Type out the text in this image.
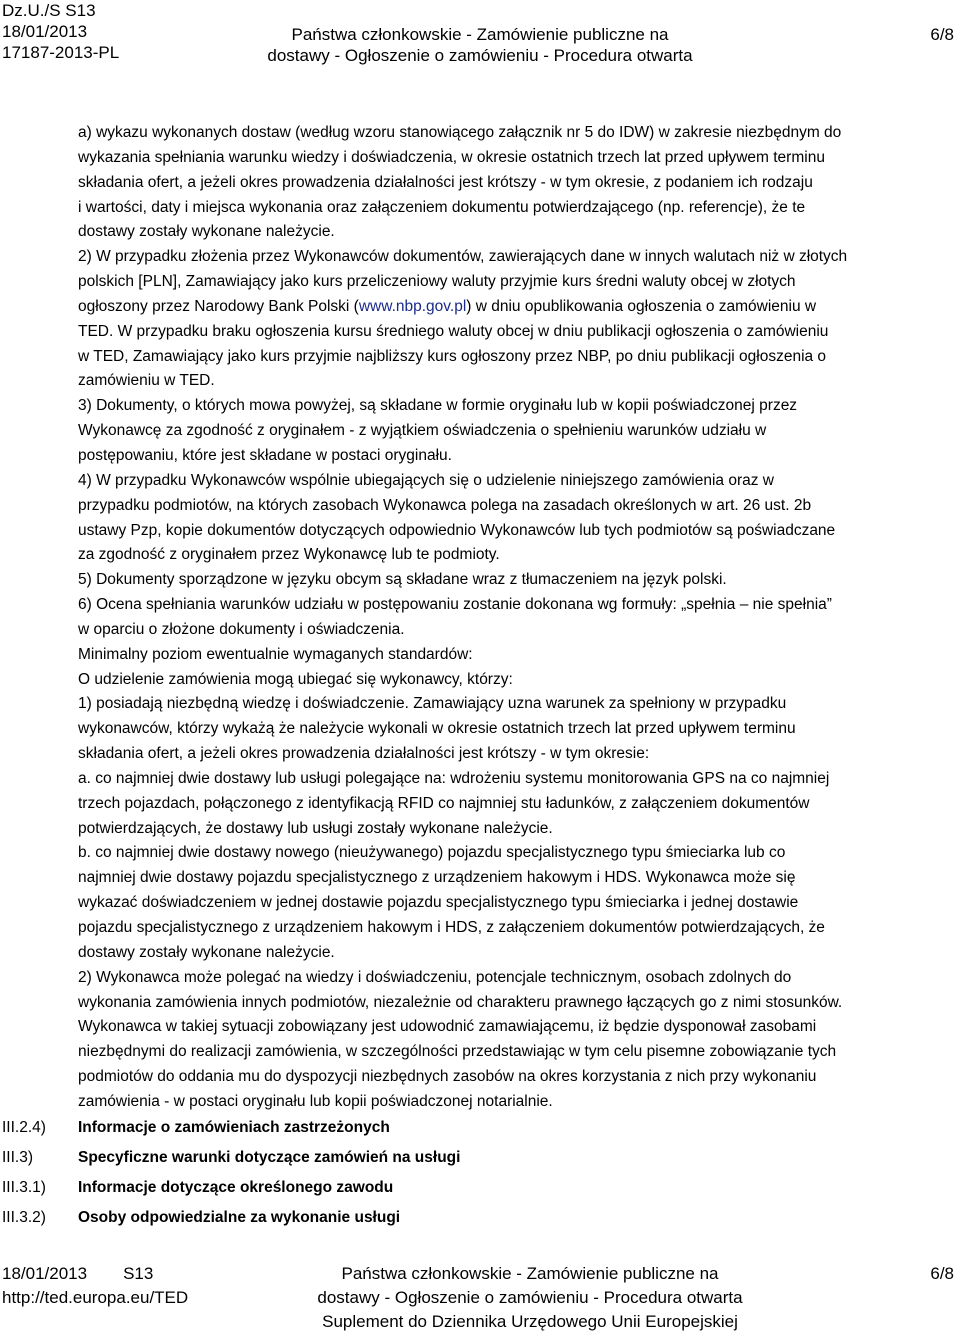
Dz.U./S S13
18/01/2013
17187-2013-PL
Państwa członkowskie - Zamówienie publiczne na
dostawy - Ogłoszenie o zamówieniu - Procedura otwarta
6/8
a) wykazu wykonanych dostaw (według wzoru stanowiącego załącznik nr 5 do IDW) w zakresie niezbędnym do
wykazania spełniania warunku wiedzy i doświadczenia, w okresie ostatnich trzech lat przed upływem terminu
składania ofert, a jeżeli okres prowadzenia działalności jest krótszy - w tym okresie, z podaniem ich rodzaju
i wartości, daty i miejsca wykonania oraz załączeniem dokumentu potwierdzającego (np. referencje), że te
dostawy zostały wykonane należycie.
2) W przypadku złożenia przez Wykonawców dokumentów, zawierających dane w innych walutach niż w złotych
polskich [PLN], Zamawiający jako kurs przeliczeniowy waluty przyjmie kurs średni waluty obcej w złotych
ogłoszony przez Narodowy Bank Polski (www.nbp.gov.pl) w dniu opublikowania ogłoszenia o zamówieniu w
TED. W przypadku braku ogłoszenia kursu średniego waluty obcej w dniu publikacji ogłoszenia o zamówieniu
w TED, Zamawiający jako kurs przyjmie najbliższy kurs ogłoszony przez NBP, po dniu publikacji ogłoszenia o
zamówieniu w TED.
3) Dokumenty, o których mowa powyżej, są składane w formie oryginału lub w kopii poświadczonej przez
Wykonawcę za zgodność z oryginałem - z wyjątkiem oświadczenia o spełnieniu warunków udziału w
postępowaniu, które jest składane w postaci oryginału.
4) W przypadku Wykonawców wspólnie ubiegających się o udzielenie niniejszego zamówienia oraz w
przypadku podmiotów, na których zasobach Wykonawca polega na zasadach określonych w art. 26 ust. 2b
ustawy Pzp, kopie dokumentów dotyczących odpowiednio Wykonawców lub tych podmiotów są poświadczane
za zgodność z oryginałem przez Wykonawcę lub te podmioty.
5) Dokumenty sporządzone w języku obcym są składane wraz z tłumaczeniem na język polski.
6) Ocena spełniania warunków udziału w postępowaniu zostanie dokonana wg formuły: „spełnia – nie spełnia”
w oparciu o złożone dokumenty i oświadczenia.
Minimalny poziom ewentualnie wymaganych standardów:
O udzielenie zamówienia mogą ubiegać się wykonawcy, którzy:
1) posiadają niezbędną wiedzę i doświadczenie. Zamawiający uzna warunek za spełniony w przypadku
wykonawców, którzy wykażą że należycie wykonali w okresie ostatnich trzech lat przed upływem terminu
składania ofert, a jeżeli okres prowadzenia działalności jest krótszy - w tym okresie:
a. co najmniej dwie dostawy lub usługi polegające na: wdrożeniu systemu monitorowania GPS na co najmniej
trzech pojazdach, połączonego z identyfikacją RFID co najmniej stu ładunków, z załączeniem dokumentów
potwierdzających, że dostawy lub usługi zostały wykonane należycie.
b. co najmniej dwie dostawy nowego (nieużywanego) pojazdu specjalistycznego typu śmieciarka lub co
najmniej dwie dostawy pojazdu specjalistycznego z urządzeniem hakowym i HDS. Wykonawca może się
wykazać doświadczeniem w jednej dostawie pojazdu specjalistycznego typu śmieciarka i jednej dostawie
pojazdu specjalistycznego z urządzeniem hakowym i HDS, z załączeniem dokumentów potwierdzających, że
dostawy zostały wykonane należycie.
2) Wykonawca może polegać na wiedzy i doświadczeniu, potencjale technicznym, osobach zdolnych do
wykonania zamówienia innych podmiotów, niezależnie od charakteru prawnego łączących go z nimi stosunków.
Wykonawca w takiej sytuacji zobowiązany jest udowodnić zamawiającemu, iż będzie dysponował zasobami
niezbędnymi do realizacji zamówienia, w szczególności przedstawiając w tym celu pisemne zobowiązanie tych
podmiotów do oddania mu do dyspozycji niezbędnych zasobów na okres korzystania z nich przy wykonaniu
zamówienia - w postaci oryginału lub kopii poświadczonej notarialnie.
III.2.4) Informacje o zamówieniach zastrzeżonych
III.3)	Specyficzne warunki dotyczące zamówień na usługi
III.3.1) Informacje dotyczące określonego zawodu
III.3.2) Osoby odpowiedzialne za wykonanie usługi
18/01/2013 S13
http://ted.europa.eu/TED
Państwa członkowskie - Zamówienie publiczne na
dostawy - Ogłoszenie o zamówieniu - Procedura otwarta
Suplement do Dziennika Urzędowego Unii Europejskiej
6/8
